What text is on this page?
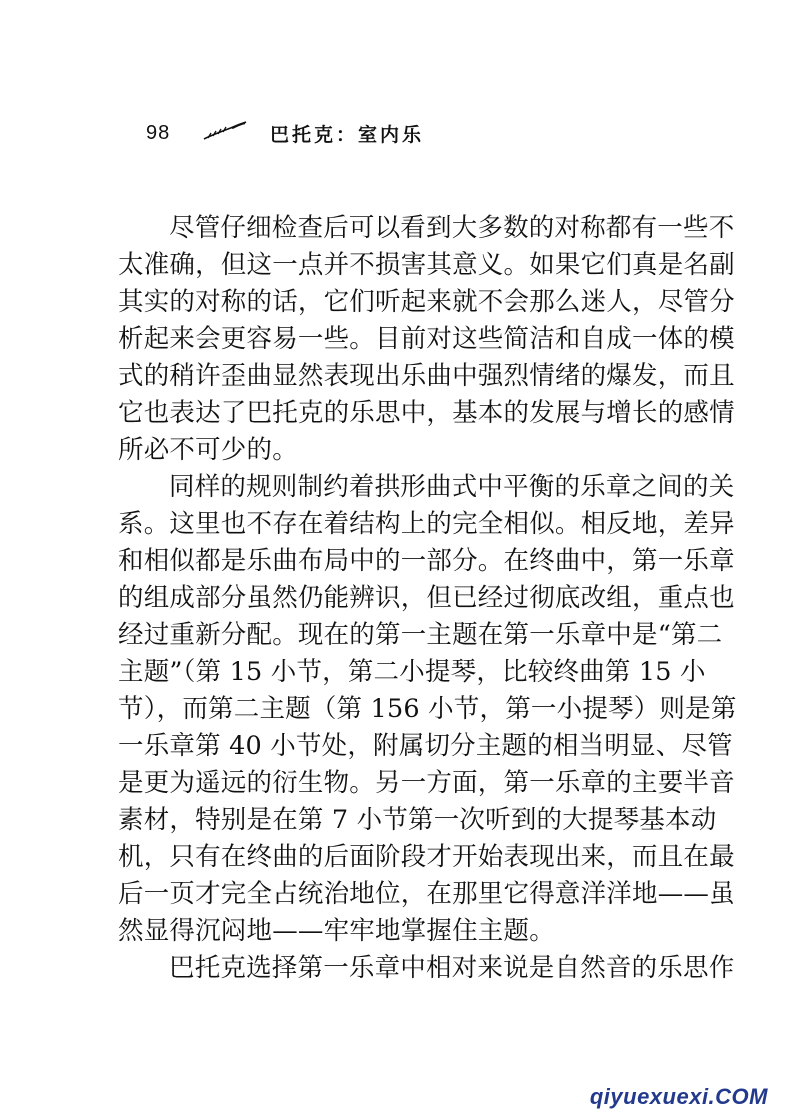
98	巴托克：室内乐
尽管仔细检查后可以看到大多数的对称都有一些不
太准确，但这一点并不损害其意义。如果它们真是名副
其实的对称的话，它们听起来就不会那么迷人，尽管分
析起来会更容易一些。目前对这些简洁和自成一体的模
式的稍许歪曲显然表现出乐曲中强烈情绪的爆发，而且
它也表达了巴托克的乐思中，基本的发展与增长的感情
所必不可少的。
同样的规则制约着拱形曲式中平衡的乐章之间的关
系。这里也不存在着结构上的完全相似。相反地，差异
和相似都是乐曲布局中的一部分。在终曲中，第一乐章
的组成部分虽然仍能辨识，但已经过彻底改组，重点也
经过重新分配。现在的第一主题在第一乐章中是“第二
主题”（第 15 小节，第二小提琴，比较终曲第 15 小
节），而第二主题（第 156 小节，第一小提琴）则是第
一乐章第 40 小节处，附属切分主题的相当明显、尽管
是更为遥远的衍生物。另一方面，第一乐章的主要半音
素材，特别是在第 7 小节第一次听到的大提琴基本动
机，只有在终曲的后面阶段才开始表现出来，而且在最
后一页才完全占统治地位，在那里它得意洋洋地——虽
然显得沉闷地——牢牢地掌握住主题。
巴托克选择第一乐章中相对来说是自然音的乐思作
qiyuexuexi.COM
